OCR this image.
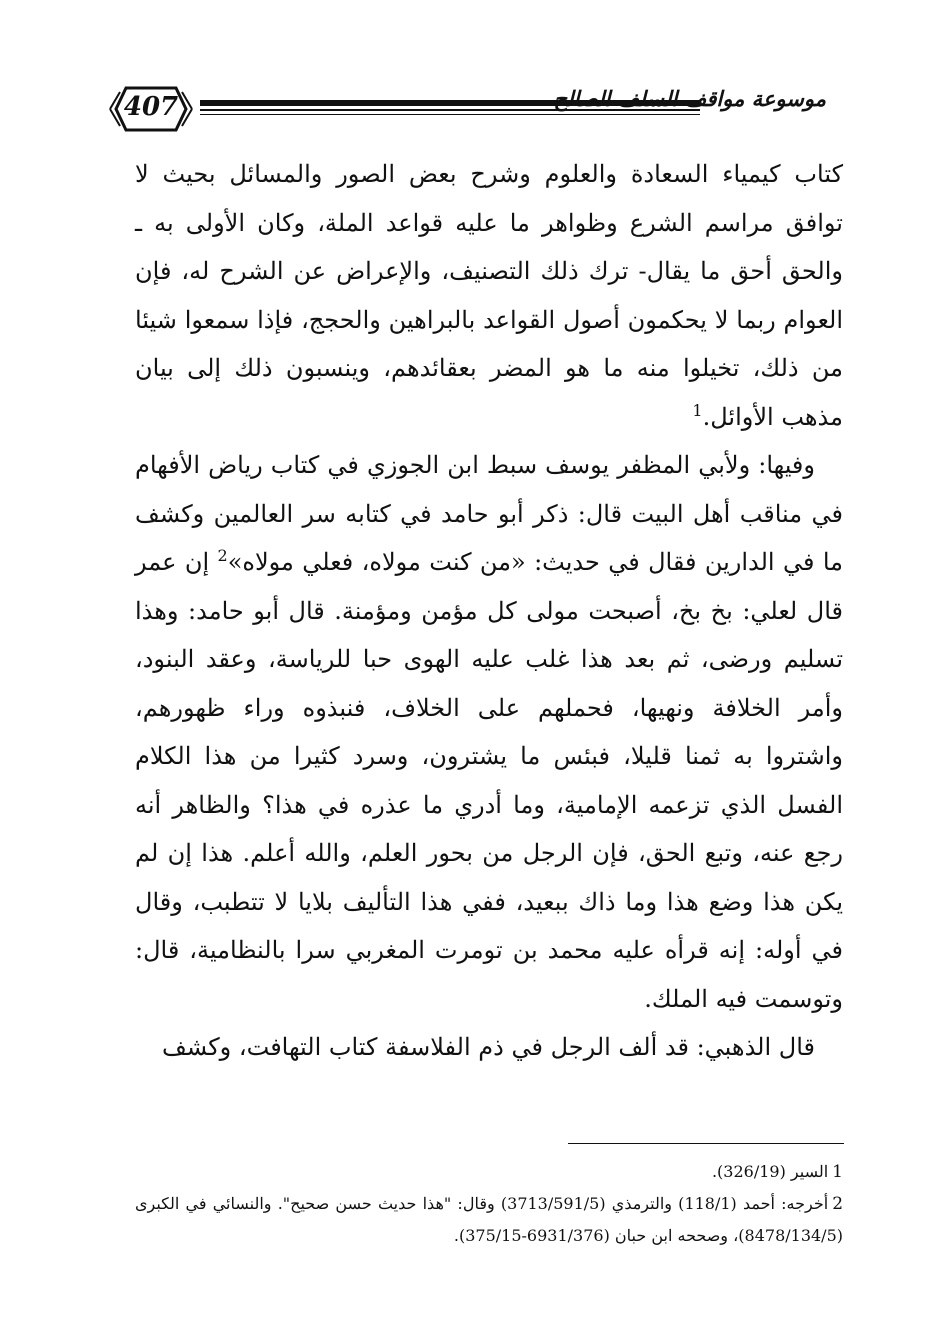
407	موسوعة مواقف السلف الصالح

كتاب كيمياء السعادة والعلوم وشرح بعض الصور والمسائل بحيث لا توافق مراسم الشرع وظواهر ما عليه قواعد الملة، وكان الأولى به ـ والحق أحق ما يقال- ترك ذلك التصنيف، والإعراض عن الشرح له، فإن العوام ربما لا يحكمون أصول القواعد بالبراهين والحجج، فإذا سمعوا شيئا من ذلك، تخيلوا منه ما هو المضر بعقائدهم، وينسبون ذلك إلى بيان مذهب الأوائل.$^1$

وفيها: ولأبي المظفر يوسف سبط ابن الجوزي في كتاب رياض الأفهام في مناقب أهل البيت قال: ذكر أبو حامد في كتابه سر العالمين وكشف ما في الدارين فقال في حديث: «من كنت مولاه، فعلي مولاه»$^2$ إن عمر قال لعلي: بخ بخ، أصبحت مولى كل مؤمن ومؤمنة. قال أبو حامد: وهذا تسليم ورضى، ثم بعد هذا غلب عليه الهوى حبا للرياسة، وعقد البنود، وأمر الخلافة ونهيها، فحملهم على الخلاف، فنبذوه وراء ظهورهم، واشتروا به ثمنا قليلا، فبئس ما يشترون، وسرد كثيرا من هذا الكلام الفسل الذي تزعمه الإمامية، وما أدري ما عذره في هذا؟ والظاهر أنه رجع عنه، وتبع الحق، فإن الرجل من بحور العلم، والله أعلم. هذا إن لم يكن هذا وضع هذا وما ذاك ببعيد، ففي هذا التأليف بلايا لا تتطبب، وقال في أوله: إنه قرأه عليه محمد بن تومرت المغربي سرا بالنظامية، قال: وتوسمت فيه الملك.

قال الذهبي: قد ألف الرجل في ذم الفلاسفة كتاب التهافت، وكشف

1السير (326/19).

2أخرجه: أحمد (118/1) والترمذي (3713/591/5) وقال: "هذا حديث حسن صحيح". والنسائي في الكبرى (8478/134/5)، وصححه ابن حبان (6931/376-375/15).
